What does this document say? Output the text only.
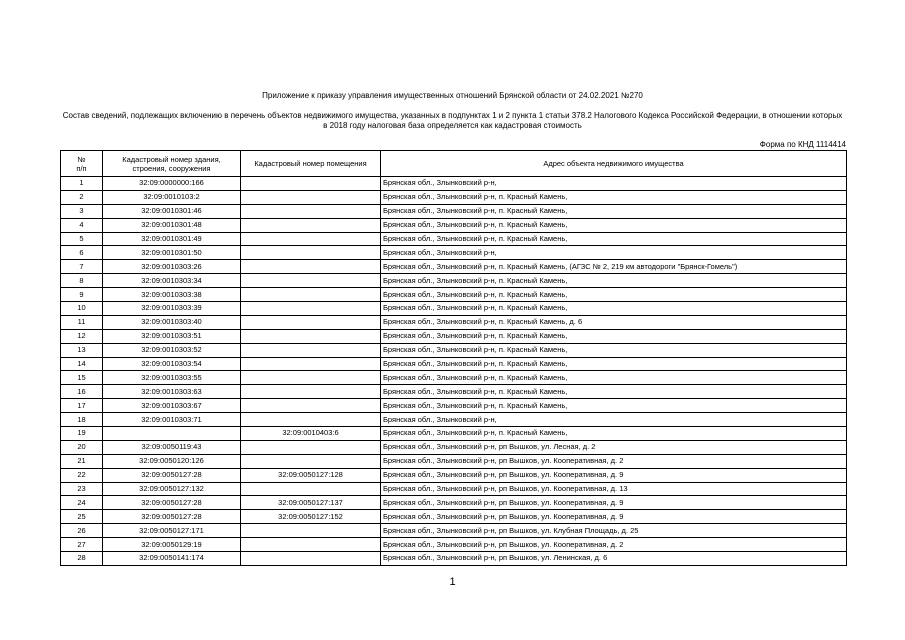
Приложение к приказу управления имущественных отношений Брянской области от 24.02.2021 №270
Состав сведений, подлежащих включению в перечень объектов недвижимого имущества, указанных в подпунктах 1 и 2 пункта 1 статьи 378.2 Налогового Кодекса Российской Федерации, в отношении которых в 2018 году налоговая база определяется как кадастровая стоимость
Форма по КНД 1114414
№
п/п	Кадастровый номер здания, строения, сооружения	Кадастровый номер помещения	Адрес объекта недвижимого имущества
1	32:09:0000000:166		Брянская обл., Злынковский р-н,
2	32:09:0010103:2		Брянская обл., Злынковский р-н, п. Красный Камень,
3	32:09:0010301:46		Брянская обл., Злынковский р-н, п. Красный Камень,
4	32:09:0010301:48		Брянская обл., Злынковский р-н, п. Красный Камень,
5	32:09:0010301:49		Брянская обл., Злынковский р-н, п. Красный Камень,
6	32:09:0010301:50		Брянская обл., Злынковский р-н,
7	32:09:0010303:26		Брянская обл., Злынковский р-н, п. Красный Камень, (АГЗС № 2, 219 км автодороги "Брянск-Гомель")
8	32:09:0010303:34		Брянская обл., Злынковский р-н, п. Красный Камень,
9	32:09:0010303:38		Брянская обл., Злынковский р-н, п. Красный Камень,
10	32:09:0010303:39		Брянская обл., Злынковский р-н, п. Красный Камень,
11	32:09:0010303:40		Брянская обл., Злынковский р-н, п. Красный Камень, д. 6
12	32:09:0010303:51		Брянская обл., Злынковский р-н, п. Красный Камень,
13	32:09:0010303:52		Брянская обл., Злынковский р-н, п. Красный Камень,
14	32:09:0010303:54		Брянская обл., Злынковский р-н, п. Красный Камень,
15	32:09:0010303:55		Брянская обл., Злынковский р-н, п. Красный Камень,
16	32:09:0010303:63		Брянская обл., Злынковский р-н, п. Красный Камень,
17	32:09:0010303:67		Брянская обл., Злынковский р-н, п. Красный Камень,
18	32:09:0010303:71		Брянская обл., Злынковский р-н,
19		32:09:0010403:6	Брянская обл., Злынковский р-н, п. Красный Камень,
20	32:09:0050119:43		Брянская обл., Злынковский р-н, рп Вышков, ул. Лесная, д. 2
21	32:09:0050120:126		Брянская обл., Злынковский р-н, рп Вышков, ул. Кооперативная, д. 2
22	32:09:0050127:28	32:09:0050127:128	Брянская обл., Злынковский р-н, рп Вышков, ул. Кооперативная, д. 9
23	32:09:0050127:132		Брянская обл., Злынковский р-н, рп Вышков, ул. Кооперативная, д. 13
24	32:09:0050127:28	32:09:0050127:137	Брянская обл., Злынковский р-н, рп Вышков, ул. Кооперативная, д. 9
25	32:09:0050127:28	32:09:0050127:152	Брянская обл., Злынковский р-н, рп Вышков, ул. Кооперативная, д. 9
26	32:09:0050127:171		Брянская обл., Злынковский р-н, рп Вышков, ул. Клубная Площадь, д. 25
27	32:09:0050129:19		Брянская обл., Злынковский р-н, рп Вышков, ул. Кооперативная, д. 2
28	32:09:0050141:174		Брянская обл., Злынковский р-н, рп Вышков, ул. Ленинская, д. 6
1
